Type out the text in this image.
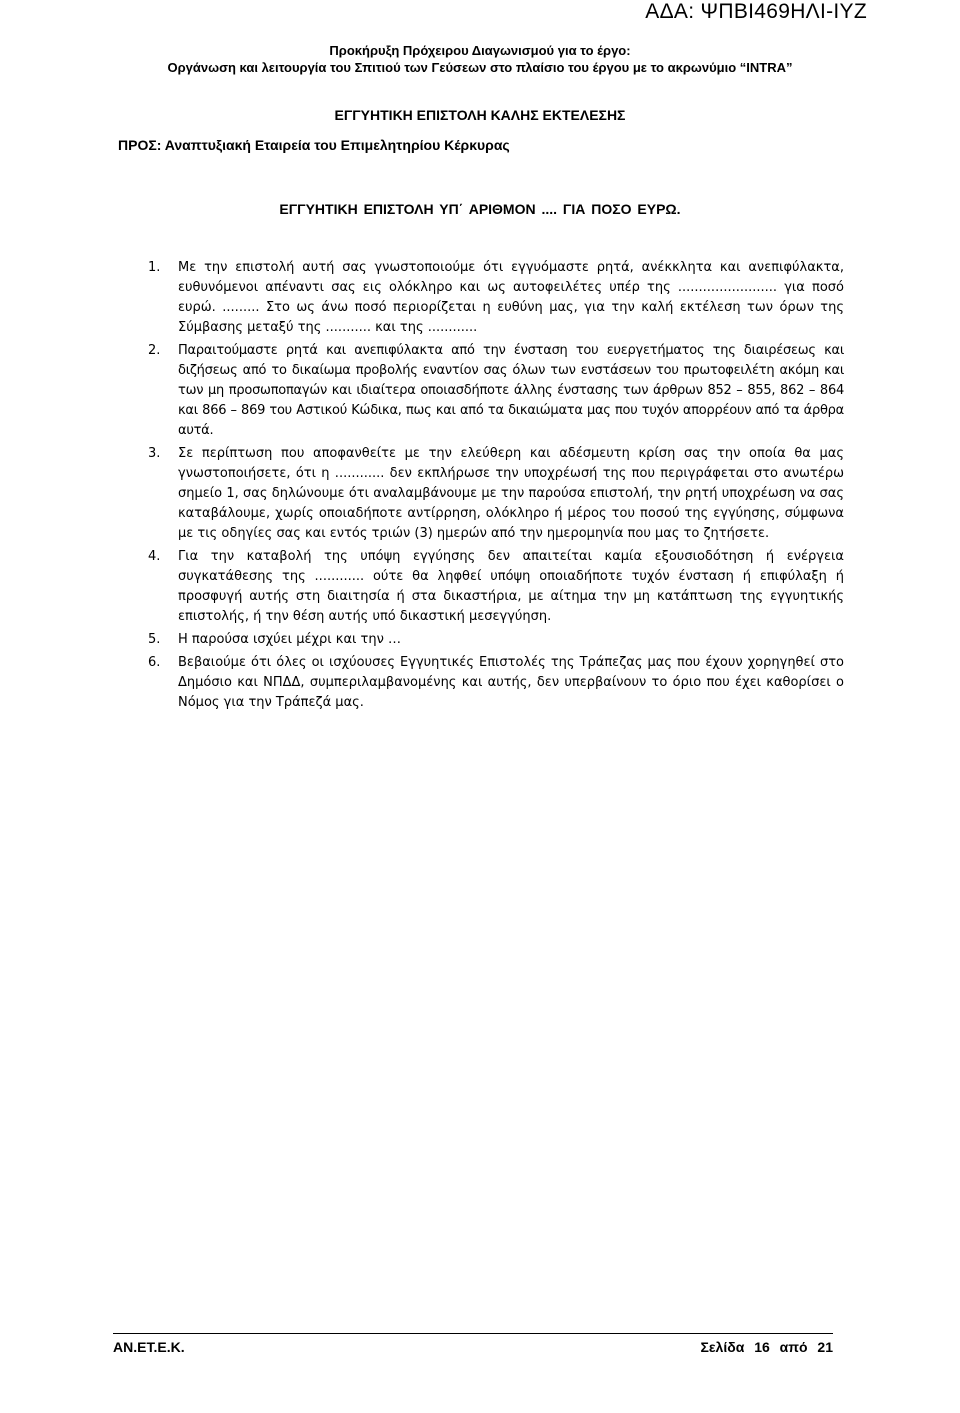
ΑΔΑ: ΨΠΒΙ469ΗΛΙ-ΙΥΖ
Προκήρυξη Πρόχειρου Διαγωνισμού για το έργο:
Οργάνωση και λειτουργία του Σπιτιού των Γεύσεων στο πλαίσιο του έργου με το ακρωνύμιο “INTRA”
ΕΓΓΥΗΤΙΚΗ ΕΠΙΣΤΟΛΗ ΚΑΛΗΣ ΕΚΤΕΛΕΣΗΣ
ΠΡΟΣ: Αναπτυξιακή Εταιρεία του Επιμελητηρίου Κέρκυρας
ΕΓΓΥΗΤΙΚΗ ΕΠΙΣΤΟΛΗ ΥΠ΄ ΑΡΙΘΜΟΝ .... ΓΙΑ ΠΟΣΟ ΕΥΡΩ.
1. Με την επιστολή αυτή σας γνωστοποιούμε ότι εγγυόμαστε ρητά, ανέκκλητα και ανεπιφύλακτα, ευθυνόμενοι απέναντι σας εις ολόκληρο και ως αυτοφειλέτες υπέρ της ........................ για ποσό ευρώ. ......... Στο ως άνω ποσό περιορίζεται η ευθύνη μας, για την καλή εκτέλεση των όρων της Σύμβασης μεταξύ της ........... και της ............
2. Παραιτούμαστε ρητά και ανεπιφύλακτα από την ένσταση του ευεργετήματος της διαιρέσεως και διζήσεως από το δικαίωμα προβολής εναντίον σας όλων των ενστάσεων του πρωτοφειλέτη ακόμη και των μη προσωποπαγών και ιδιαίτερα οποιασδήποτε άλλης ένστασης των άρθρων 852 – 855, 862 – 864 και 866 – 869 του Αστικού Κώδικα, πως και από τα δικαιώματα μας που τυχόν απορρέουν από τα άρθρα αυτά.
3. Σε περίπτωση που αποφανθείτε με την ελεύθερη και αδέσμευτη κρίση σας την οποία θα μας γνωστοποιήσετε, ότι η ............ δεν εκπλήρωσε την υποχρέωσή της που περιγράφεται στο ανωτέρω σημείο 1, σας δηλώνουμε ότι αναλαμβάνουμε με την παρούσα επιστολή, την ρητή υποχρέωση να σας καταβάλουμε, χωρίς οποιαδήποτε αντίρρηση, ολόκληρο ή μέρος του ποσού της εγγύησης, σύμφωνα με τις οδηγίες σας και εντός τριών (3) ημερών από την ημερομηνία που μας το ζητήσετε.
4. Για την καταβολή της υπόψη εγγύησης δεν απαιτείται καμία εξουσιοδότηση ή ενέργεια συγκατάθεσης της ............ ούτε θα ληφθεί υπόψη οποιαδήποτε τυχόν ένσταση ή επιφύλαξη ή προσφυγή αυτής στη διαιτησία ή στα δικαστήρια, με αίτημα την μη κατάπτωση της εγγυητικής επιστολής, ή την θέση αυτής υπό δικαστική μεσεγγύηση.
5. Η παρούσα ισχύει μέχρι και την …
6. Βεβαιούμε ότι όλες οι ισχύουσες Εγγυητικές Επιστολές της Τράπεζας μας που έχουν χορηγηθεί στο Δημόσιο και ΝΠΔΔ, συμπεριλαμβανομένης και αυτής, δεν υπερβαίνουν το όριο που έχει καθορίσει ο Νόμος για την Τράπεζά μας.
ΑΝ.ΕΤ.Ε.Κ.	Σελίδα 16 από 21
